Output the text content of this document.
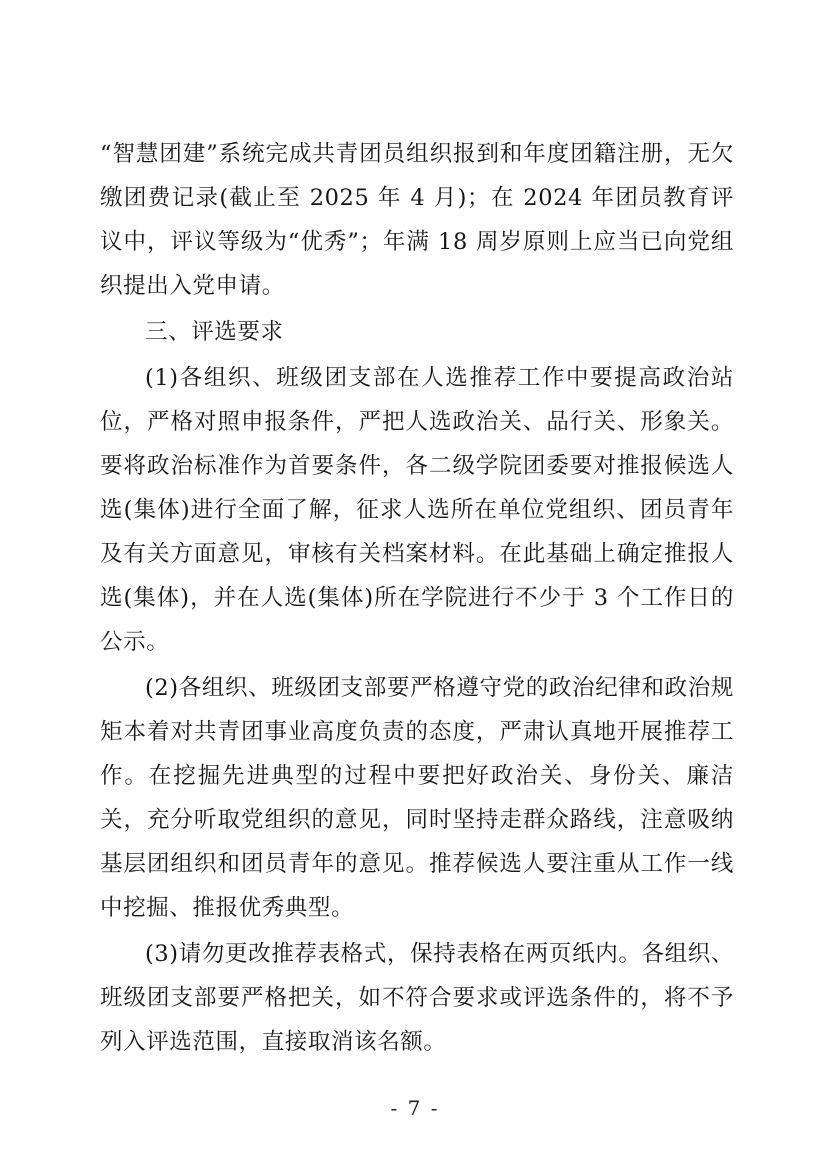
“智慧团建”系统完成共青团员组织报到和年度团籍注册，无欠缴团费记录(截止至 2025 年 4 月)；在 2024 年团员教育评议中，评议等级为“优秀”；年满 18 周岁原则上应当已向党组织提出入党申请。

三、评选要求

(1)各组织、班级团支部在人选推荐工作中要提高政治站位，严格对照申报条件，严把人选政治关、品行关、形象关。要将政治标准作为首要条件，各二级学院团委要对推报候选人选(集体)进行全面了解，征求人选所在单位党组织、团员青年及有关方面意见，审核有关档案材料。在此基础上确定推报人选(集体)，并在人选(集体)所在学院进行不少于 3 个工作日的公示。

(2)各组织、班级团支部要严格遵守党的政治纪律和政治规矩本着对共青团事业高度负责的态度，严肃认真地开展推荐工作。在挖掘先进典型的过程中要把好政治关、身份关、廉洁关，充分听取党组织的意见，同时坚持走群众路线，注意吸纳基层团组织和团员青年的意见。推荐候选人要注重从工作一线中挖掘、推报优秀典型。

(3)请勿更改推荐表格式，保持表格在两页纸内。各组织、班级团支部要严格把关，如不符合要求或评选条件的，将不予列入评选范围，直接取消该名额。

- 7 -
